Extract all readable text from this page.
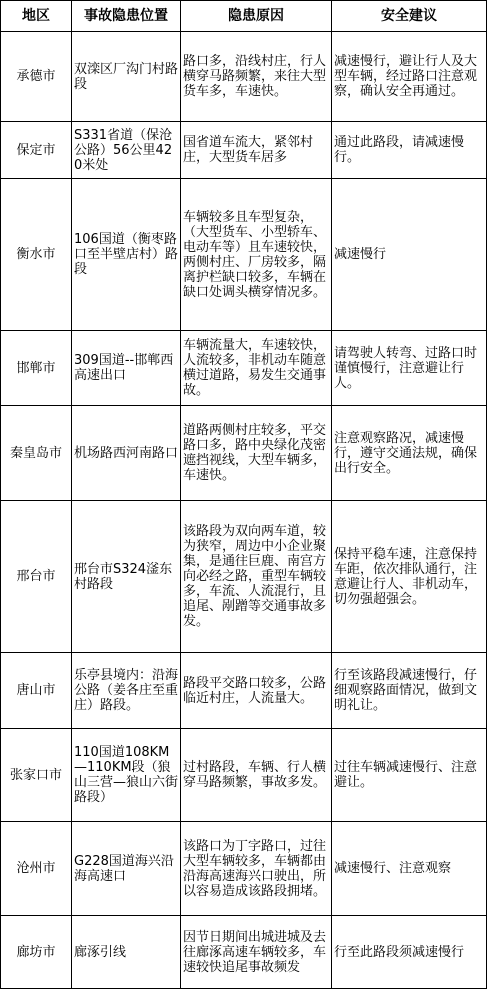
地区	事故隐患位置	隐患原因	安全建议
承德市	双滦区厂沟门村路段	路口多，沿线村庄，行人横穿马路频繁，来往大型货车多，车速快。	减速慢行，避让行人及大型车辆，经过路口注意观察，确认安全再通过。
保定市	S331省道（保沧公路）56公里420米处	国省道车流大，紧邻村庄，大型货车居多	通过此路段，请减速慢行。
衡水市	106国道（衡枣路口至半壁店村）路段	车辆较多且车型复杂，（大型货车、小型轿车、电动车等）且车速较快，两侧村庄、厂房较多，隔离护栏缺口较多，车辆在缺口处调头横穿情况多。	减速慢行
邯郸市	309国道--邯郸西高速出口	车辆流量大，车速较快，人流较多，非机动车随意横过道路，易发生交通事故。	请驾驶人转弯、过路口时谨慎慢行，注意避让行人。
秦皇岛市	机场路西河南路口	道路两侧村庄较多，平交路口多，路中央绿化茂密遮挡视线，大型车辆多，车速快。	注意观察路况，减速慢行，遵守交通法规，确保出行安全。
邢台市	邢台市S324滏东村路段	该路段为双向两车道，较为狭窄，周边中小企业聚集，是通往巨鹿、南宫方向必经之路，重型车辆较多，车流、人流混行，且追尾、剐蹭等交通事故多发。	保持平稳车速，注意保持车距，依次排队通行，注意避让行人、非机动车，切勿强超强会。
唐山市	乐亭县境内：沿海公路（姜各庄至重庄）路段。	路段平交路口较多，公路临近村庄，人流量大。	行至该路段减速慢行，仔细观察路面情况，做到文明礼让。
张家口市	110国道108KM—110KM段（狼山三营—狼山六街路段）	过村路段，车辆、行人横穿马路频繁，事故多发。	过往车辆减速慢行、注意避让。
沧州市	G228国道海兴沿海高速口	该路口为丁字路口，过往大型车辆较多，车辆都由沿海高速海兴口驶出，所以容易造成该路段拥堵。	减速慢行、注意观察
廊坊市	廊涿引线	因节日期间出城进城及去往廊涿高速车辆较多，车速较快追尾事故频发	行至此路段须减速慢行
